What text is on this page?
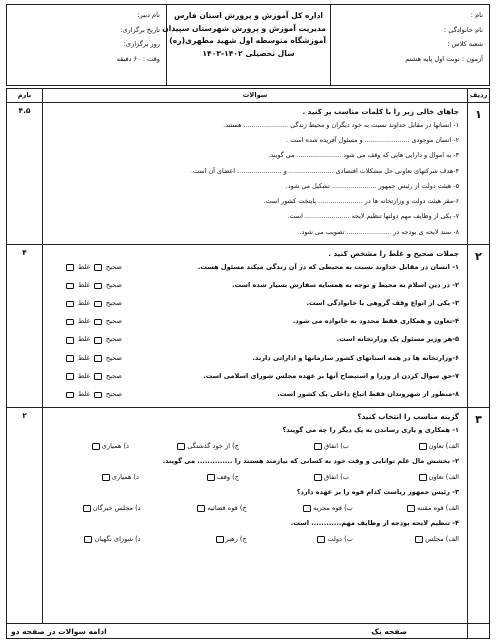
نام :
نام خانوادگی :
شعبه کلاس :
آزمون : نوبت اول پایه هشتم
اداره کل آموزش و پرورش استان فارس
مدیریت آموزش و پرورش شهرستان سپیدان
آموزشگاه متوسطه اول شهید مطهری(ره)
سال تحصیلی ۱۴۰۲-۱۴۰۳
نام دبیر:
تاریخ برگزاری:
روز برگزاری:
وقت : ۶۰ دقیقه
ردیف
سوالات
بارم
۱
جاهای خالی زیر را با کلمات مناسب پر کنید .
۱- انسانها در مقابل خداوند نسبت به خود دیگران و محیط زندگی ...................... هستند.
۲- انسان موجودی ...................... و مسئول آفریده شده است .
۳- به اموال و دارایی هایی که وقف می شود ...................... می گویند.
۴-هدف شرکتهای تعاونی حل مشکلات اقتصادی ...................... و ...................... اعضای آن است.
۵- هیئت دولت از رئیس جمهور ...................... تشکیل می شود.
۶-مقر هیئت دولت و وزارتخانه ها در ...................... پایتخت کشور است.
۷- یکی از وظایف مهم دولتها تنظیم لایحه ...................... است.
۸- سند لایحه ی بودجه در ...................... تصویب می شود.
۴.۵
۲
جملات صحیح و غلط را مشخص کنید .
۱- انسان در مقابل خداوند نسبت به محیطی که در آن زندگی میکند مسئول هست.
صحیح
غلط
۲- در دین اسلام به محیط و توجه به همسایه سفارش بسیار شده است.
صحیح
غلط
۳- یکی از انواع وقف گروهی یا خانوادگی است.
صحیح
غلط
۴-تعاون و همکاری فقط محدود به خانواده می شود.
صحیح
غلط
۵-هر وزیر مسئول یک وزارتخانه است.
صحیح
غلط
۶-وزارتخانه ها در همه استانهای کشور سازمانها و اداراتی دارند.
صحیح
غلط
۷-حق سوال کردن از وزرا و استیضاح آنها بر عهده مجلس شورای اسلامی است.
صحیح
غلط
۸-منظور از شهروندان فقط اتباع داخلی یک کشور است.
صحیح
غلط
۴
۳
گزینه مناسب را انتخاب کنید؟
۱- همکاری و یاری رساندن به یک دیگر را چه می گویند؟
الف) تعاون
ب) انفاق
ج) از خود گذشتگی
د) همیاری
۲- بخشش مال علم توانایی و وقت خود به کسانی که نیازمند هستند را .............. می گویند.
الف) تعاون
ب) انفاق
ج) وقف
د) همیاری
۳- رئیس جمهور ریاست کدام قوه را بر عهده دارد؟
الف) قوه مقننه
ب) قوه مجریه
ج) قوه قضائیه
د) مجلس خبرگان
۴- تنظیم لایحه بودجه از وظایف مهم............ است.
الف) مجلس
ب) دولت
ج) رهبر
د) شورای نگهبان
۲
صفحه یک
ادامه سوالات در صفحه دو
